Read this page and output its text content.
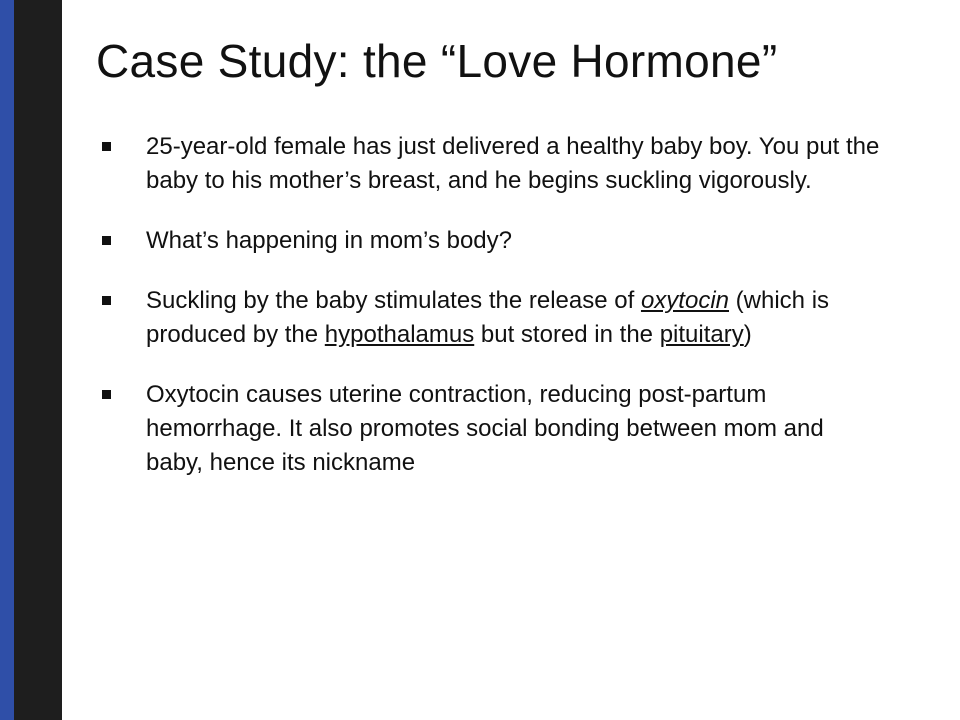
Case Study: the “Love Hormone”
25-year-old female has just delivered a healthy baby boy. You put the baby to his mother’s breast, and he begins suckling vigorously.
What’s happening in mom’s body?
Suckling by the baby stimulates the release of oxytocin (which is produced by the hypothalamus but stored in the pituitary)
Oxytocin causes uterine contraction, reducing post-partum hemorrhage. It also promotes social bonding between mom and baby, hence its nickname
